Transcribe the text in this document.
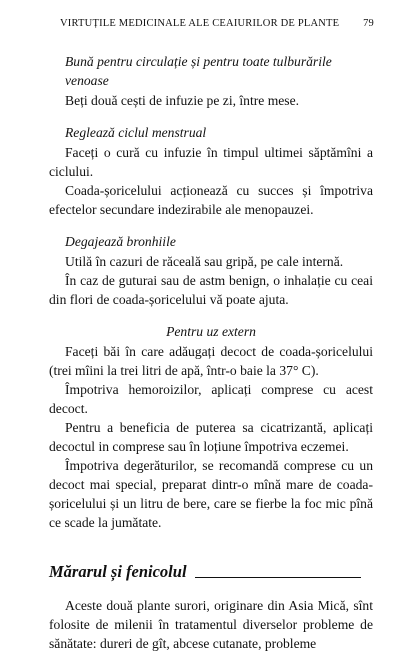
VIRTUȚILE MEDICINALE ALE CEAIURILOR DE PLANTE 79
Bună pentru circulație și pentru toate tulburările venoase

Beți două cești de infuzie pe zi, între mese.

Reglează ciclul menstrual

Faceți o cură cu infuzie în timpul ultimei săptămîni a ciclului.

Coada-șoricelului acționează cu succes și împotriva efectelor secundare indezirabile ale menopauzei.

Degajează bronhiile

Utilă în cazuri de răceală sau gripă, pe cale internă.

În caz de guturai sau de astm benign, o inhalație cu ceai din flori de coada-șoricelului vă poate ajuta.

Pentru uz extern

Faceți băi în care adăugați decoct de coada-șoricelului (trei mîini la trei litri de apă, într-o baie la 37° C).

Împotriva hemoroizilor, aplicați comprese cu acest decoct.

Pentru a beneficia de puterea sa cicatrizantă, aplicați decoctul in comprese sau în loțiune împotriva eczemei.

Împotriva degerăturilor, se recomandă comprese cu un decoct mai special, preparat dintr-o mînă mare de coada-șoricelului și un litru de bere, care se fierbe la foc mic pînă ce scade la jumătate.

Mărarul și fenicolul

Aceste două plante surori, originare din Asia Mică, sînt folosite de milenii în tratamentul diverselor probleme de sănătate: dureri de gît, abcese cutanate, probleme
